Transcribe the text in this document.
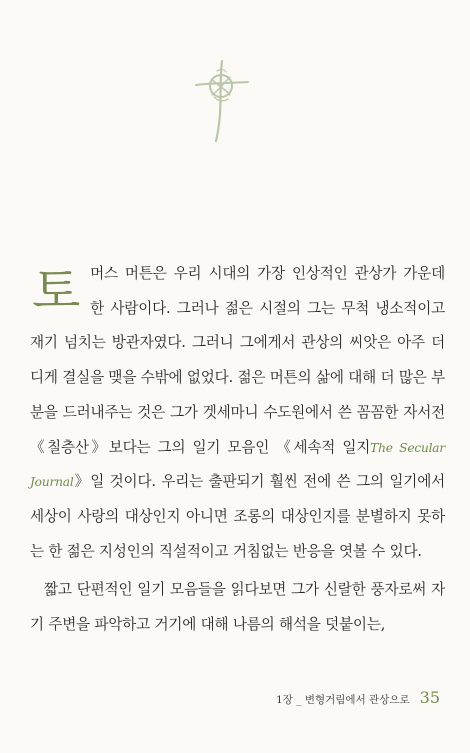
토머스 머튼은 우리 시대의 가장 인상적인 관상가 가운데 한 사람이다. 그러나 젊은 시절의 그는 무척 냉소적이고 재기 넘치는 방관자였다. 그러니 그에게서 관상의 씨앗은 아주 더디게 결실을 맺을 수밖에 없었다. 젊은 머튼의 삶에 대해 더 많은 부분을 드러내주는 것은 그가 겟세마니 수도원에서 쓴 꼼꼼한 자서전 《칠층산》보다는 그의 일기 모음인 《세속적 일지The Secular Journal》일 것이다. 우리는 출판되기 훨씬 전에 쓴 그의 일기에서 세상이 사랑의 대상인지 아니면 조롱의 대상인지를 분별하지 못하는 한 젊은 지성인의 직설적이고 거침없는 반응을 엿볼 수 있다.

짧고 단편적인 일기 모음들을 읽다보면 그가 신랄한 풍자로써 자기 주변을 파악하고 거기에 대해 나름의 해석을 덧붙이는,

1장 _ 변형거림에서 관상으로 35
